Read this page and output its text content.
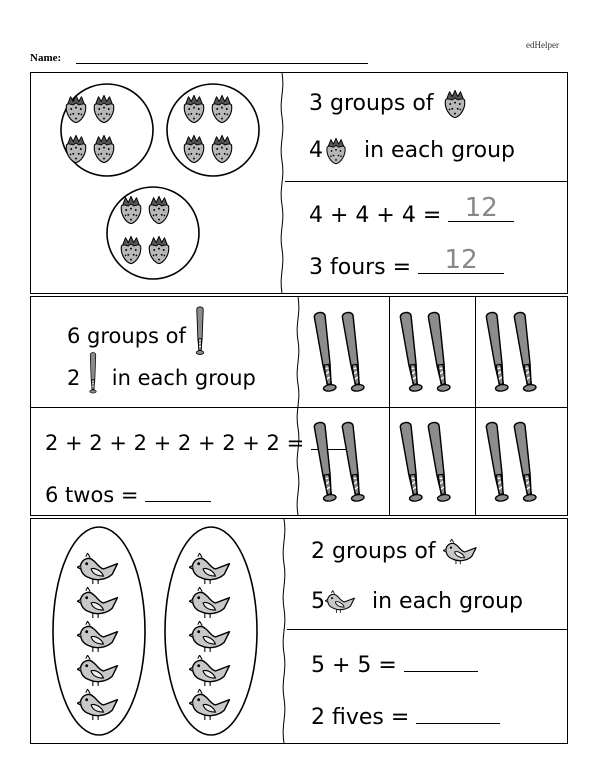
edHelper
Name:
3 groups of
4 in each group
4 + 4 + 4 = 12
3 fours =	12
6 groups of
2 in each group
2 + 2 + 2 + 2 + 2 + 2 =
6 twos =
2 groups of
5 in each group
5 + 5 =
2 fives =
